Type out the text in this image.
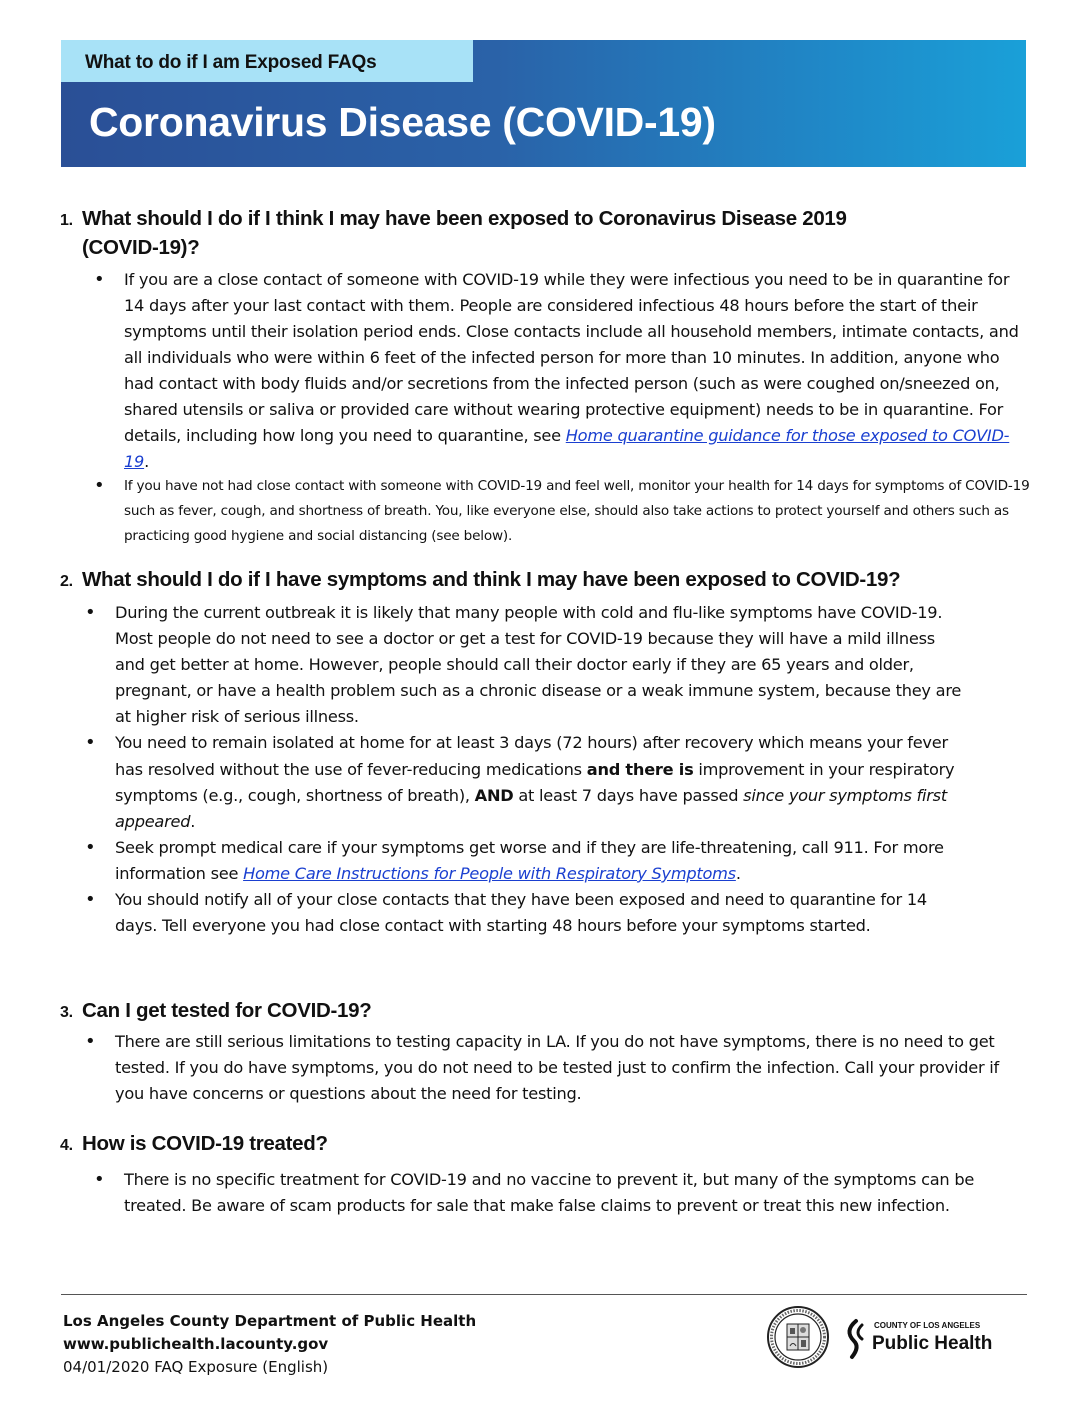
What to do if I am Exposed FAQs
Coronavirus Disease (COVID-19)
1. What should I do if I think I may have been exposed to Coronavirus Disease 2019
(COVID-19)?
• If you are a close contact of someone with COVID-19 while they were infectious you need to be in quarantine for 14 days after your last contact with them. People are considered infectious 48 hours before the start of their symptoms until their isolation period ends. Close contacts include all household members, intimate contacts, and all individuals who were within 6 feet of the infected person for more than 10 minutes. In addition, anyone who had contact with body fluids and/or secretions from the infected person (such as were coughed on/sneezed on, shared utensils or saliva or provided care without wearing protective equipment) needs to be in quarantine. For details, including how long you need to quarantine, see Home quarantine guidance for those exposed to COVID-19.
• If you have not had close contact with someone with COVID-19 and feel well, monitor your health for 14 days for symptoms of COVID-19 such as fever, cough, and shortness of breath. You, like everyone else, should also take actions to protect yourself and others such as practicing good hygiene and social distancing (see below).
2. What should I do if I have symptoms and think I may have been exposed to COVID-19?
• During the current outbreak it is likely that many people with cold and flu-like symptoms have COVID-19. Most people do not need to see a doctor or get a test for COVID-19 because they will have a mild illness and get better at home. However, people should call their doctor early if they are 65 years and older, pregnant, or have a health problem such as a chronic disease or a weak immune system, because they are at higher risk of serious illness.
• You need to remain isolated at home for at least 3 days (72 hours) after recovery which means your fever has resolved without the use of fever-reducing medications and there is improvement in your respiratory symptoms (e.g., cough, shortness of breath), AND at least 7 days have passed since your symptoms first appeared.
• Seek prompt medical care if your symptoms get worse and if they are life-threatening, call 911. For more information see Home Care Instructions for People with Respiratory Symptoms.
• You should notify all of your close contacts that they have been exposed and need to quarantine for 14 days. Tell everyone you had close contact with starting 48 hours before your symptoms started.
3. Can I get tested for COVID-19?
• There are still serious limitations to testing capacity in LA. If you do not have symptoms, there is no need to get tested. If you do have symptoms, you do not need to be tested just to confirm the infection. Call your provider if you have concerns or questions about the need for testing.
4. How is COVID-19 treated?
• There is no specific treatment for COVID-19 and no vaccine to prevent it, but many of the symptoms can be treated. Be aware of scam products for sale that make false claims to prevent or treat this new infection.
Los Angeles County Department of Public Health
www.publichealth.lacounty.gov
04/01/2020 FAQ Exposure (English)
COUNTY OF LOS ANGELES
Public Health
